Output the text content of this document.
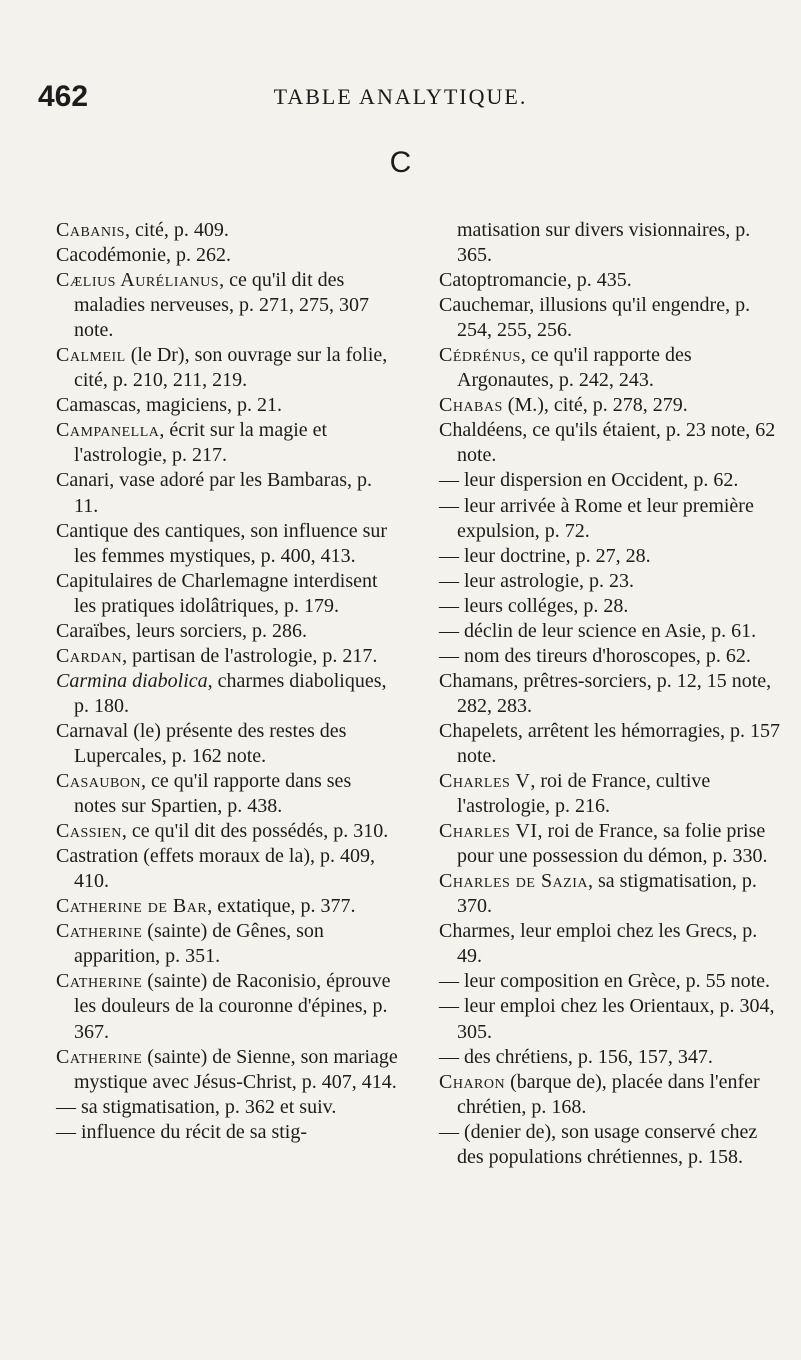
462	TABLE ANALYTIQUE.
C

Cabanis, cité, p. 409.

Cacodémonie, p. 262.

Cælius Aurélianus, ce qu'il dit des maladies nerveuses, p. 271, 275, 307 note.

Calmeil (le Dr), son ouvrage sur la folie, cité, p. 210, 211, 219.

Camascas, magiciens, p. 21.

Campanella, écrit sur la magie et l'astrologie, p. 217.

Canari, vase adoré par les Bambaras, p. 11.

Cantique des cantiques, son influence sur les femmes mystiques, p. 400, 413.

Capitulaires de Charlemagne interdisent les pratiques idolâtriques, p. 179.

Caraïbes, leurs sorciers, p. 286.

Cardan, partisan de l'astrologie, p. 217.

Carmina diabolica, charmes diaboliques, p. 180.

Carnaval (le) présente des restes des Lupercales, p. 162 note.

Casaubon, ce qu'il rapporte dans ses notes sur Spartien, p. 438.

Cassien, ce qu'il dit des possédés, p. 310.

Castration (effets moraux de la), p. 409, 410.

Catherine de Bar, extatique, p. 377.

Catherine (sainte) de Gênes, son apparition, p. 351.

Catherine (sainte) de Raconisio, éprouve les douleurs de la couronne d'épines, p. 367.

Catherine (sainte) de Sienne, son mariage mystique avec Jésus-Christ, p. 407, 414.

— sa stigmatisation, p. 362 et suiv.

— influence du récit de sa stig-

matisation sur divers visionnaires, p. 365.

Catoptromancie, p. 435.

Cauchemar, illusions qu'il engendre, p. 254, 255, 256.

Cédrénus, ce qu'il rapporte des Argonautes, p. 242, 243.

Chabas (M.), cité, p. 278, 279.

Chaldéens, ce qu'ils étaient, p. 23 note, 62 note.

— leur dispersion en Occident, p. 62.

— leur arrivée à Rome et leur première expulsion, p. 72.

— leur doctrine, p. 27, 28.

— leur astrologie, p. 23.

— leurs colléges, p. 28.

— déclin de leur science en Asie, p. 61.

— nom des tireurs d'horoscopes, p. 62.

Chamans, prêtres-sorciers, p. 12, 15 note, 282, 283.

Chapelets, arrêtent les hémorragies, p. 157 note.

Charles V, roi de France, cultive l'astrologie, p. 216.

Charles VI, roi de France, sa folie prise pour une possession du démon, p. 330.

Charles de Sazia, sa stigmatisation, p. 370.

Charmes, leur emploi chez les Grecs, p. 49.

— leur composition en Grèce, p. 55 note.

— leur emploi chez les Orientaux, p. 304, 305.

— des chrétiens, p. 156, 157, 347.

Charon (barque de), placée dans l'enfer chrétien, p. 168.

— (denier de), son usage conservé chez des populations chrétiennes, p. 158.
